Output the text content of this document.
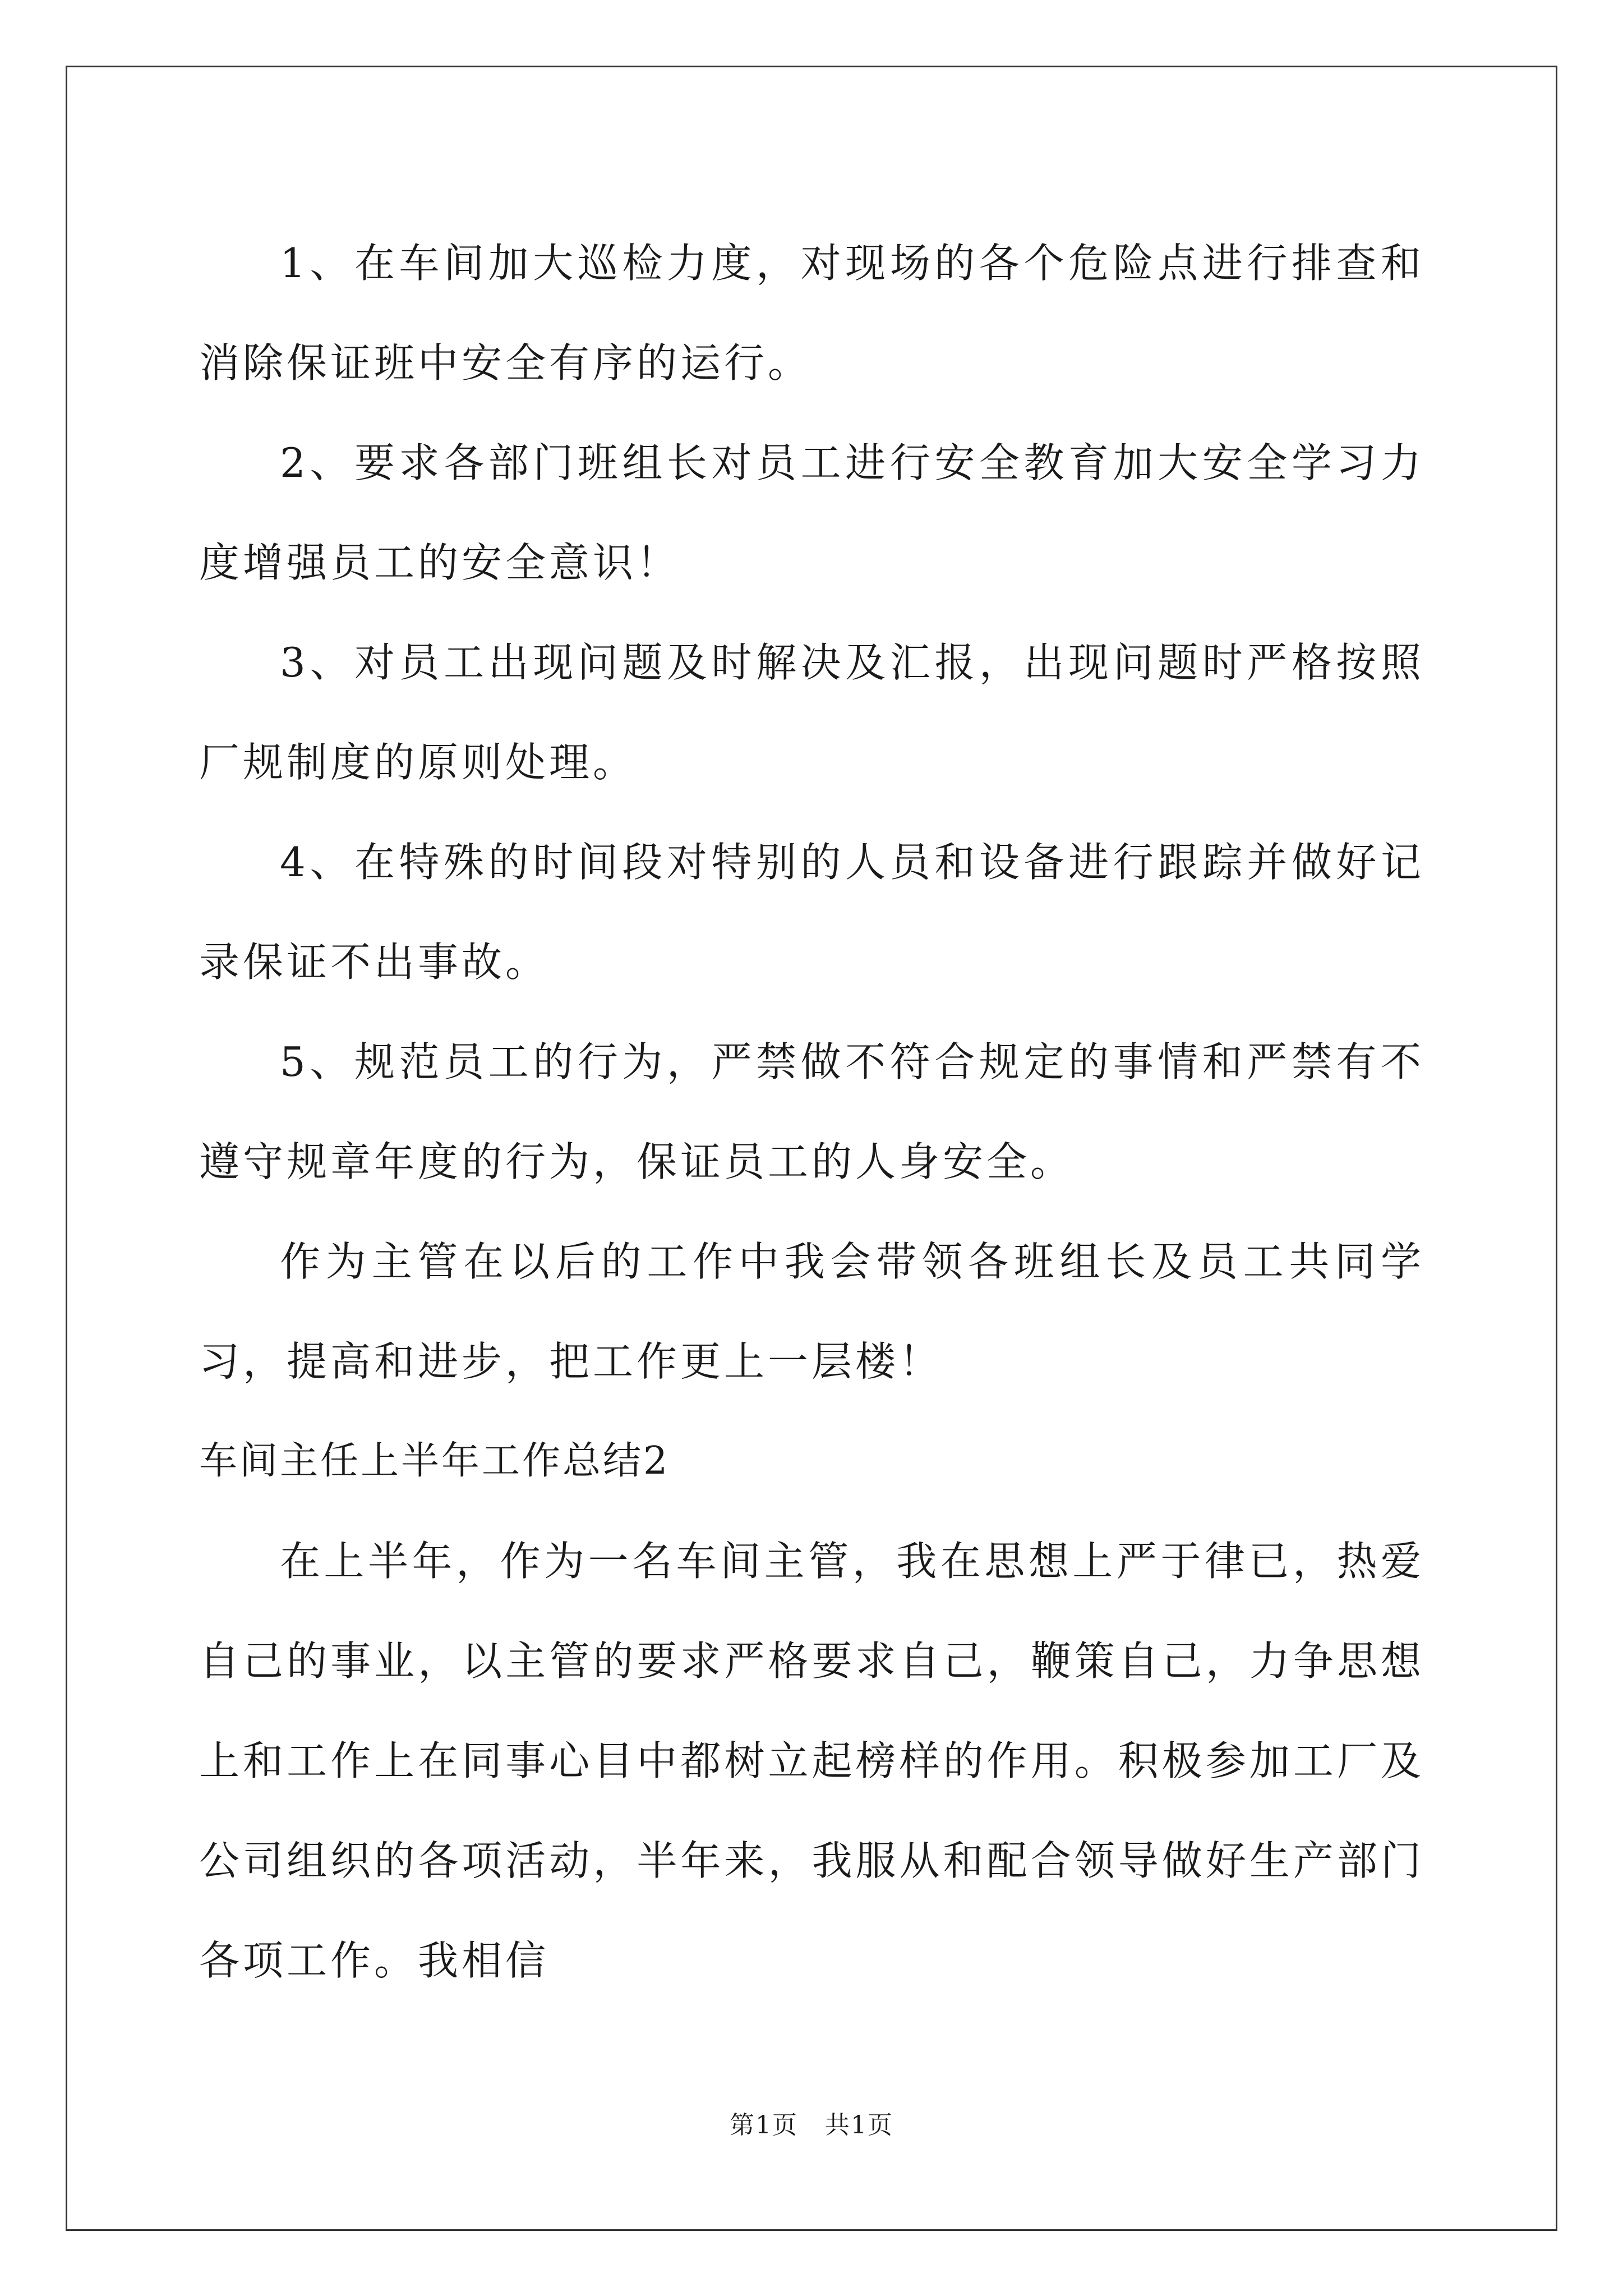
1、在车间加大巡检力度，对现场的各个危险点进行排查和消除保证班中安全有序的运行。

2、要求各部门班组长对员工进行安全教育加大安全学习力度增强员工的安全意识！

3、对员工出现问题及时解决及汇报，出现问题时严格按照厂规制度的原则处理。

4、在特殊的时间段对特别的人员和设备进行跟踪并做好记录保证不出事故。

5、规范员工的行为，严禁做不符合规定的事情和严禁有不遵守规章年度的行为，保证员工的人身安全。

作为主管在以后的工作中我会带领各班组长及员工共同学习，提高和进步，把工作更上一层楼！

车间主任上半年工作总结2

在上半年，作为一名车间主管，我在思想上严于律已，热爱自己的事业，以主管的要求严格要求自己，鞭策自己，力争思想上和工作上在同事心目中都树立起榜样的作用。积极参加工厂及公司组织的各项活动，半年来，我服从和配合领导做好生产部门各项工作。我相信

第1页   共1页
